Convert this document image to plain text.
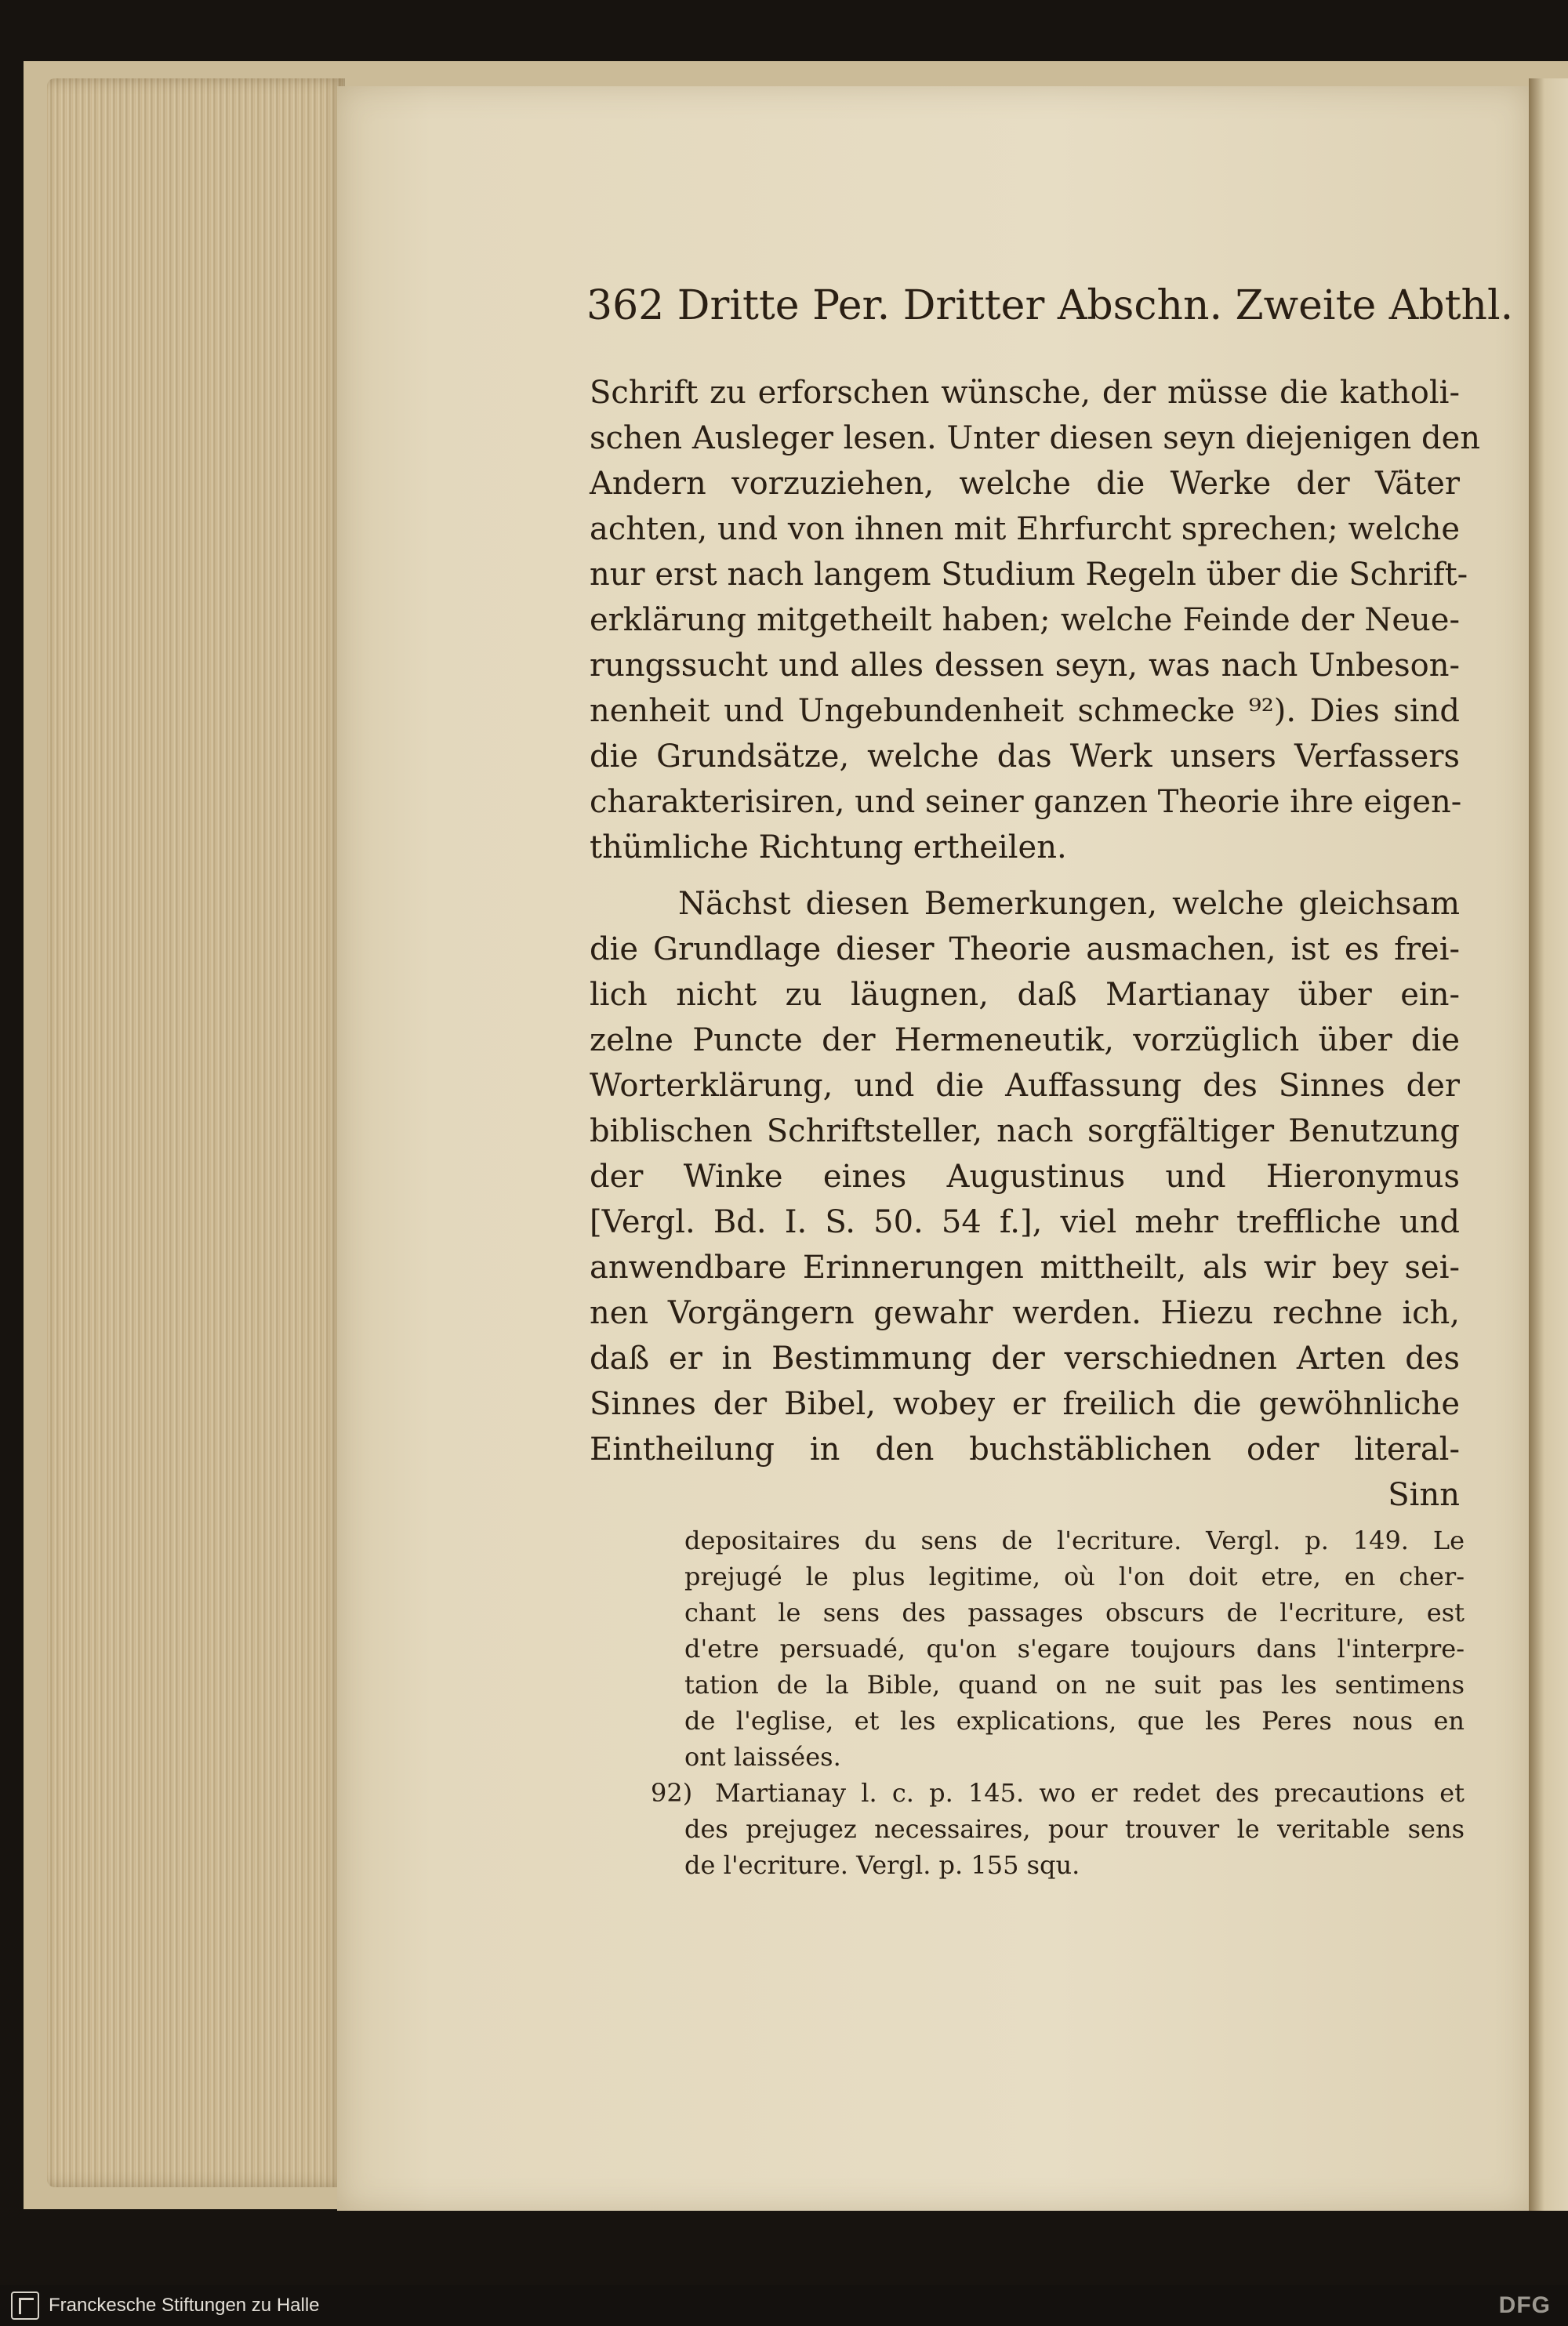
362 Dritte Per. Dritter Abschn. Zweite Abthl.
Schrift zu erforschen wünsche, der müsse die katholi-
schen Ausleger lesen. Unter diesen seyn diejenigen den
Andern vorzuziehen, welche die Werke der Väter
achten, und von ihnen mit Ehrfurcht sprechen; welche
nur erst nach langem Studium Regeln über die Schrift-
erklärung mitgetheilt haben; welche Feinde der Neue-
rungssucht und alles dessen seyn, was nach Unbeson-
nenheit und Ungebundenheit schmecke ⁹²). Dies sind
die Grundsätze, welche das Werk unsers Verfassers
charakterisiren, und seiner ganzen Theorie ihre eigen-
thümliche Richtung ertheilen.
Nächst diesen Bemerkungen, welche gleichsam
die Grundlage dieser Theorie ausmachen, ist es frei-
lich nicht zu läugnen, daß Martianay über ein-
zelne Puncte der Hermeneutik, vorzüglich über die
Worterklärung, und die Auffassung des Sinnes der
biblischen Schriftsteller, nach sorgfältiger Benutzung
der Winke eines Augustinus und Hieronymus
[Vergl. Bd. I. S. 50. 54 f.], viel mehr treffliche und
anwendbare Erinnerungen mittheilt, als wir bey sei-
nen Vorgängern gewahr werden. Hiezu rechne ich,
daß er in Bestimmung der verschiednen Arten des
Sinnes der Bibel, wobey er freilich die gewöhnliche
Eintheilung in den buchstäblichen oder literal-
Sinn
depositaires du sens de l'ecriture. Vergl. p. 149. Le
prejugé le plus legitime, où l'on doit etre, en cher-
chant le sens des passages obscurs de l'ecriture, est
d'etre persuadé, qu'on s'egare toujours dans l'interpre-
tation de la Bible, quand on ne suit pas les sentimens
de l'eglise, et les explications, que les Peres nous en
ont laissées.
92) Martianay l. c. p. 145. wo er redet des precautions et
des prejugez necessaires, pour trouver le veritable sens
de l'ecriture. Vergl. p. 155 squ.
Franckesche Stiftungen zu Halle	DFG
